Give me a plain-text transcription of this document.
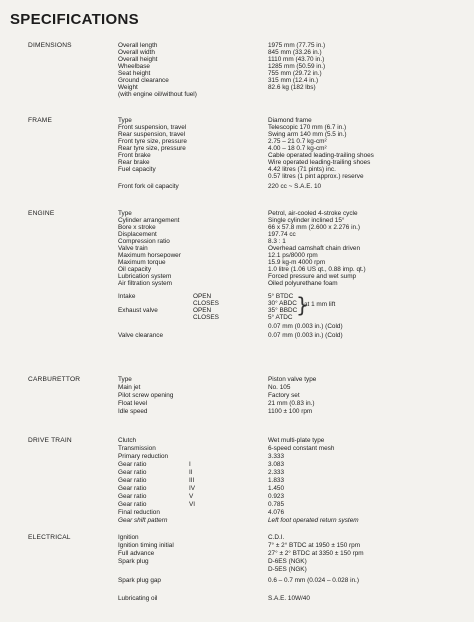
SPECIFICATIONS
DIMENSIONS	Overall length	1975 mm (77.75 in.)
Overall width	845 mm (33.26 in.)
Overall height	1110 mm (43.70 in.)
Wheelbase	1285 mm (50.59 in.)
Seat height	755 mm (29.72 in.)
Ground clearance	315 mm (12.4 in.)
Weight	82.6 kg (182 lbs)
(with engine oil/without fuel)
FRAME	Type	Diamond frame
Front suspension, travel	Telescopic 170 mm (6.7 in.)
Rear suspension, travel	Swing arm 140 mm (5.5 in.)
Front tyre size, pressure	2.75 – 21 0.7 kg-cm²
Rear tyre size, pressure	4.00 – 18 0.7 kg-cm²
Front brake	Cable operated leading-trailing shoes
Rear brake	Wire operated leading-trailing shoes
Fuel capacity	4.42 litres (71 pints) inc.
0.57 litres (1 pint approx.) reserve
Front fork oil capacity	220 cc ~ S.A.E. 10
ENGINE	Type	Petrol, air-cooled 4-stroke cycle
Cylinder arrangement	Single cylinder inclined 15°
Bore x stroke	66 x 57.8 mm (2.600 x 2.276 in.)
Displacement	197.74 cc
Compression ratio	8.3 : 1
Valve train	Overhead camshaft chain driven
Maximum horsepower	12.1 ps/8000 rpm
Maximum torque	15.9 kg-m 4000 rpm
Oil capacity	1.0 litre (1.06 US qt., 0.88 imp. qt.)
Lubrication system	Forced pressure and wet sump
Air filtration system	Oiled polyurethane foam
Intake	OPEN	5° BTDC
CLOSES	30° ABDC
Exhaust valve	OPEN	35° BBDC
CLOSES	5° ATDC
}
at 1 mm lift
0.07 mm (0.003 in.) (Cold)
Valve clearance	0.07 mm (0.003 in.) (Cold)
CARBURETTOR	Type	Piston valve type
Main jet	No. 105
Pilot screw opening	Factory set
Float level	21 mm (0.83 in.)
Idle speed	1100 ± 100 rpm
DRIVE TRAIN	Clutch	Wet multi-plate type
Transmission	6-speed constant mesh
Primary reduction	3.333
Gear ratio	I	3.083
Gear ratio	II	2.333
Gear ratio	III	1.833
Gear ratio	IV	1.450
Gear ratio	V	0.923
Gear ratio	VI	0.785
Final reduction	4.076
Gear shift pattern	Left foot operated return system
ELECTRICAL	Ignition	C.D.I.
Ignition timing initial	7° ± 2° BTDC at 1950 ± 150 rpm
Full advance	27° ± 2° BTDC at 3350 ± 150 rpm
Spark plug	D-6ES (NGK)
D-5ES (NGK)
Spark plug gap	0.6 – 0.7 mm (0.024 – 0.028 in.)
Lubricating oil	S.A.E. 10W/40
